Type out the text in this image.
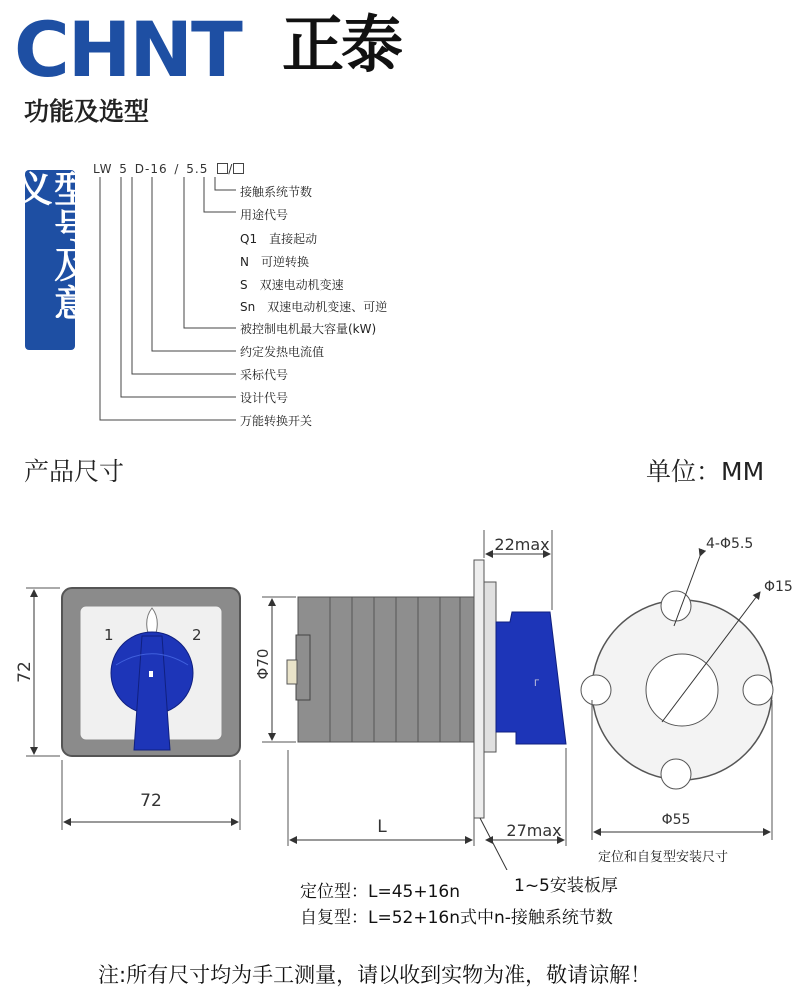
CHNT 正泰
功能及选型
型号及意义
LW 5 D-16 / 5.5 /
接触系统节数
用途代号
Q1　直接起动
N　可逆转换
S　双速电动机变速
Sn　双速电动机变速、可逆
被控制电机最大容量(kW)
约定发热电流值
采标代号
设计代号
万能转换开关
产品尺寸	单位：MM
1	2
72
72
Γ
Φ70
L
22max
27max
4-Φ5.5
Φ15
Φ55
定位和自复型安装尺寸
1~5安装板厚
定位型：L=45+16n
自复型：L=52+16n式中n-接触系统节数
注:所有尺寸均为手工测量，请以收到实物为准，敬请谅解！
